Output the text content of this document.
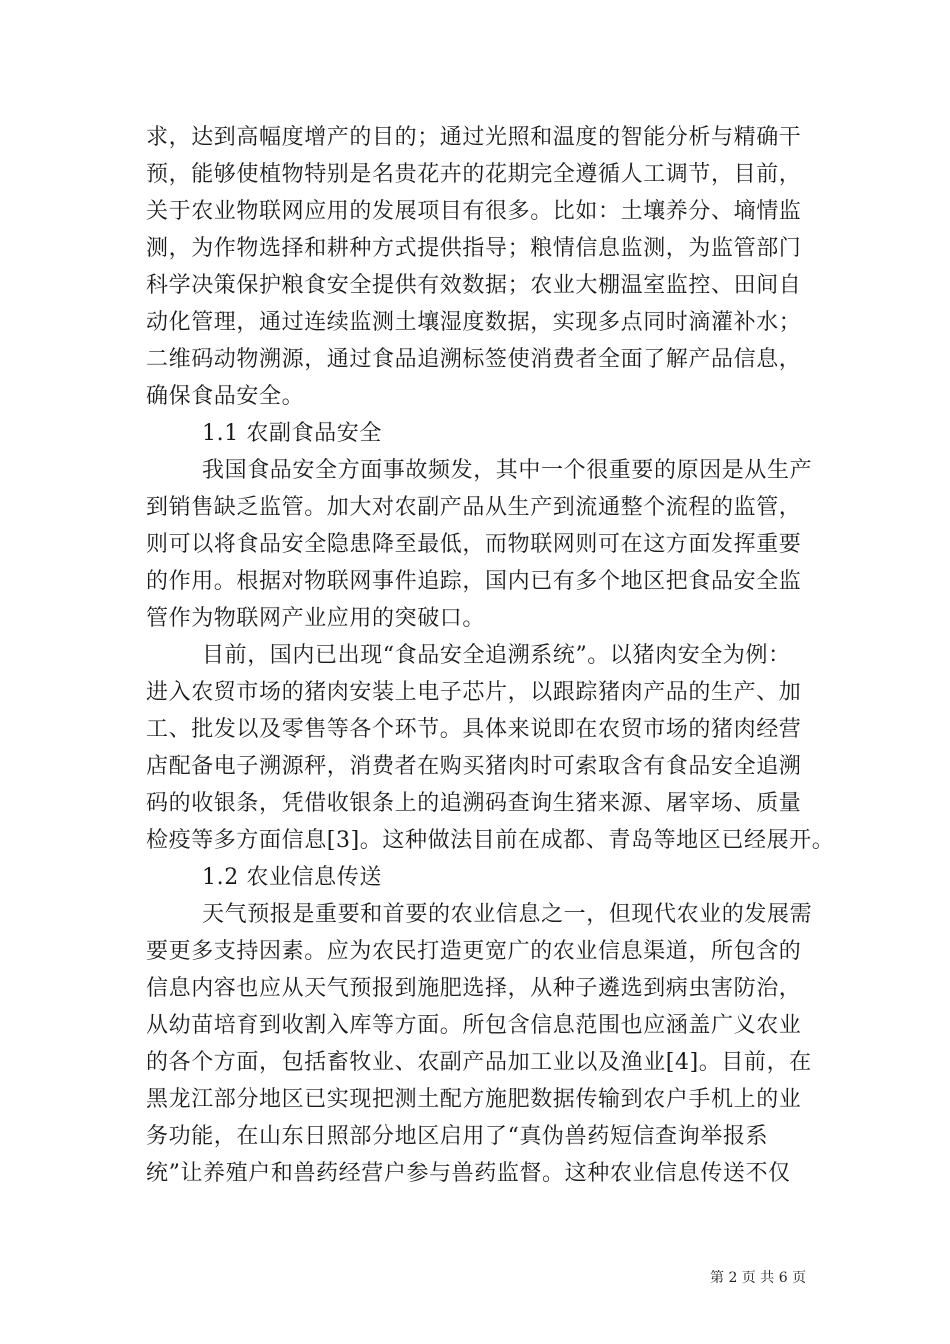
求，达到高幅度增产的目的；通过光照和温度的智能分析与精确干
预，能够使植物特别是名贵花卉的花期完全遵循人工调节，目前，
关于农业物联网应用的发展项目有很多。比如：土壤养分、墒情监
测，为作物选择和耕种方式提供指导；粮情信息监测，为监管部门
科学决策保护粮食安全提供有效数据；农业大棚温室监控、田间自
动化管理，通过连续监测土壤湿度数据，实现多点同时滴灌补水；
二维码动物溯源，通过食品追溯标签使消费者全面了解产品信息，
确保食品安全。
1.1 农副食品安全
我国食品安全方面事故频发，其中一个很重要的原因是从生产
到销售缺乏监管。加大对农副产品从生产到流通整个流程的监管，
则可以将食品安全隐患降至最低，而物联网则可在这方面发挥重要
的作用。根据对物联网事件追踪，国内已有多个地区把食品安全监
管作为物联网产业应用的突破口。
目前，国内已出现“食品安全追溯系统”。以猪肉安全为例：
进入农贸市场的猪肉安装上电子芯片，以跟踪猪肉产品的生产、加
工、批发以及零售等各个环节。具体来说即在农贸市场的猪肉经营
店配备电子溯源秤，消费者在购买猪肉时可索取含有食品安全追溯
码的收银条，凭借收银条上的追溯码查询生猪来源、屠宰场、质量
检疫等多方面信息[3]。这种做法目前在成都、青岛等地区已经展开。
1.2 农业信息传送
天气预报是重要和首要的农业信息之一，但现代农业的发展需
要更多支持因素。应为农民打造更宽广的农业信息渠道，所包含的
信息内容也应从天气预报到施肥选择，从种子遴选到病虫害防治，
从幼苗培育到收割入库等方面。所包含信息范围也应涵盖广义农业
的各个方面，包括畜牧业、农副产品加工业以及渔业[4]。目前，在
黑龙江部分地区已实现把测土配方施肥数据传输到农户手机上的业
务功能，在山东日照部分地区启用了“真伪兽药短信查询举报系
统”让养殖户和兽药经营户参与兽药监督。这种农业信息传送不仅
第 2 页 共 6 页
